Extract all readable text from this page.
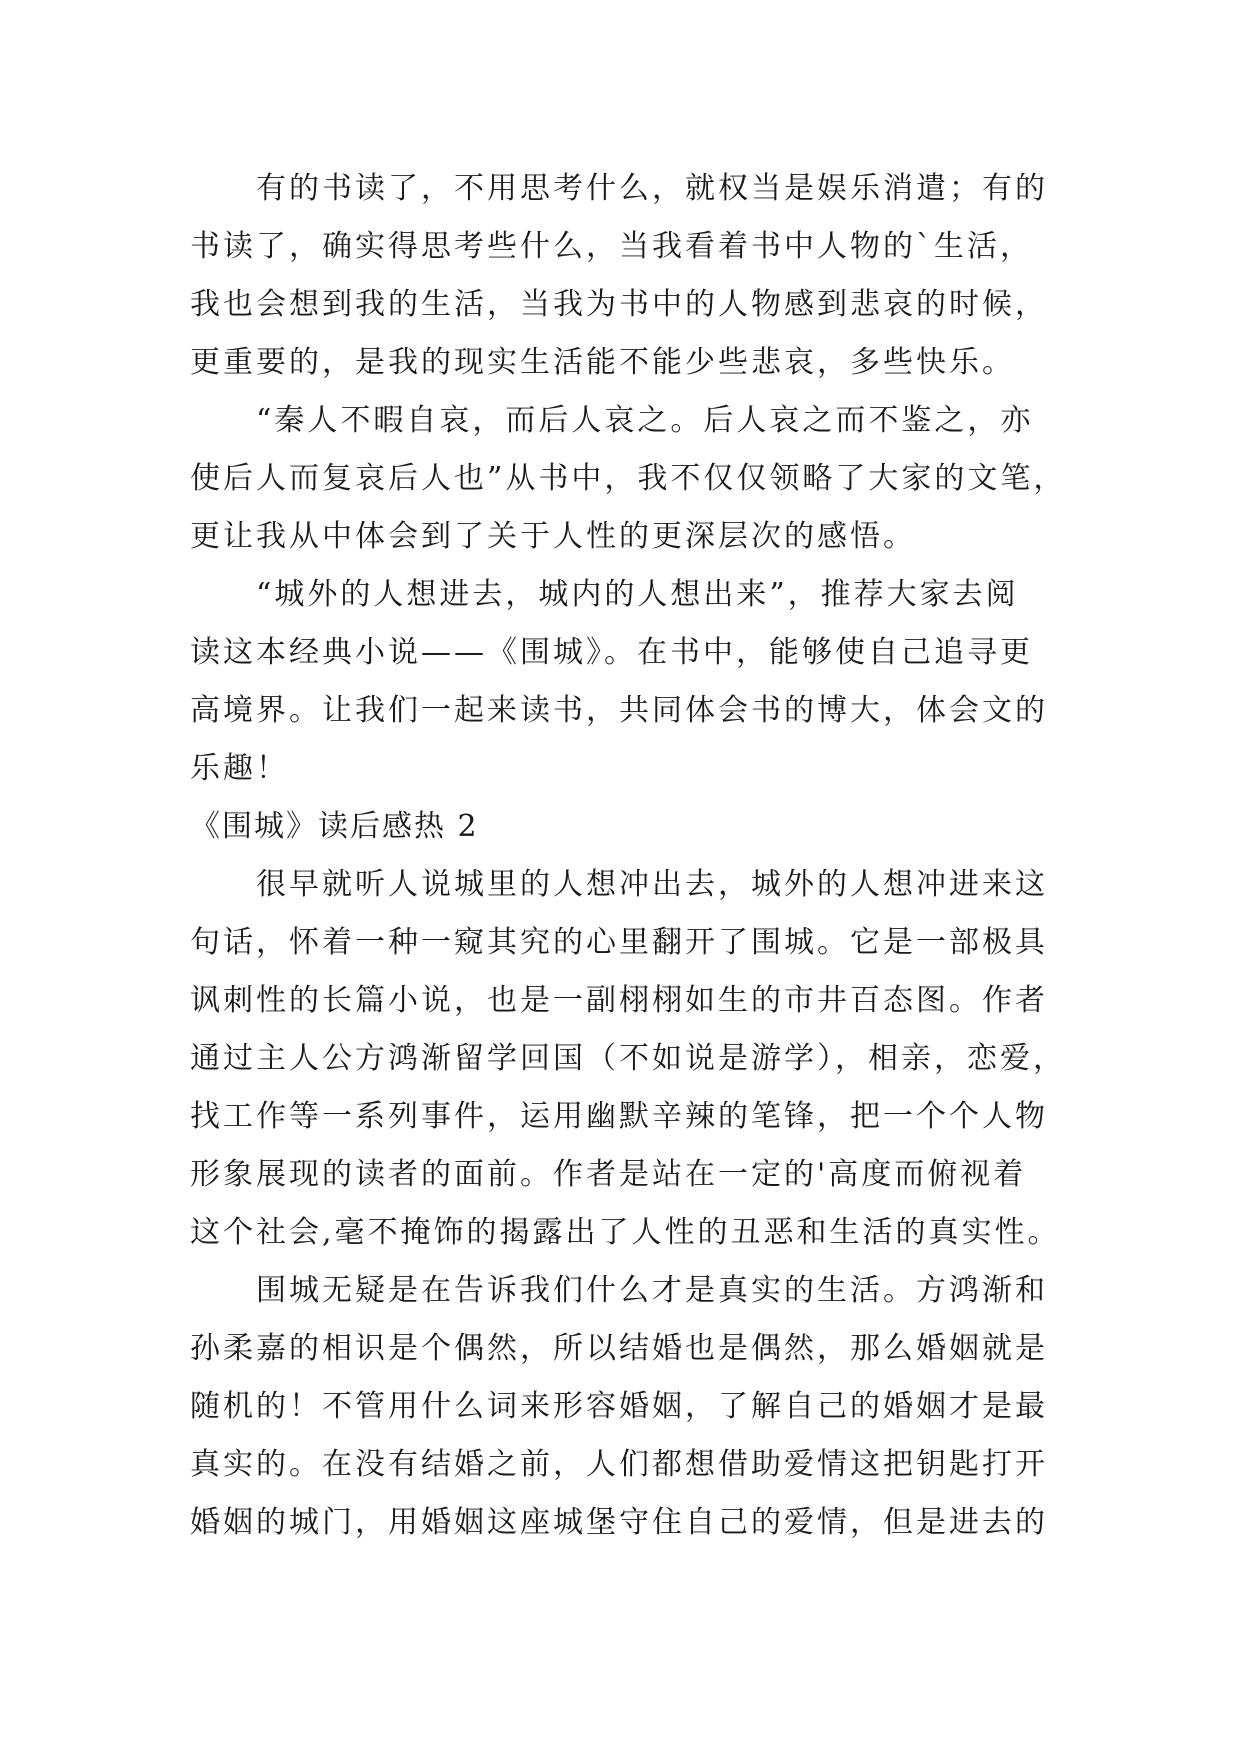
有的书读了，不用思考什么，就权当是娱乐消遣；有的
书读了，确实得思考些什么，当我看着书中人物的`生活，
我也会想到我的生活，当我为书中的人物感到悲哀的时候，
更重要的，是我的现实生活能不能少些悲哀，多些快乐。
“秦人不暇自哀，而后人哀之。后人哀之而不鉴之，亦
使后人而复哀后人也”从书中，我不仅仅领略了大家的文笔，
更让我从中体会到了关于人性的更深层次的感悟。
“城外的人想进去，城内的人想出来”，推荐大家去阅
读这本经典小说——《围城》。在书中，能够使自己追寻更
高境界。让我们一起来读书，共同体会书的博大，体会文的
乐趣！
《围城》读后感热 2
很早就听人说城里的人想冲出去，城外的人想冲进来这
句话，怀着一种一窥其究的心里翻开了围城。它是一部极具
讽刺性的长篇小说，也是一副栩栩如生的市井百态图。作者
通过主人公方鸿渐留学回国（不如说是游学），相亲，恋爱，
找工作等一系列事件，运用幽默辛辣的笔锋，把一个个人物
形象展现的读者的面前。作者是站在一定的'高度而俯视着
这个社会,毫不掩饰的揭露出了人性的丑恶和生活的真实性。
围城无疑是在告诉我们什么才是真实的生活。方鸿渐和
孙柔嘉的相识是个偶然，所以结婚也是偶然，那么婚姻就是
随机的！不管用什么词来形容婚姻，了解自己的婚姻才是最
真实的。在没有结婚之前，人们都想借助爱情这把钥匙打开
婚姻的城门，用婚姻这座城堡守住自己的爱情，但是进去的
